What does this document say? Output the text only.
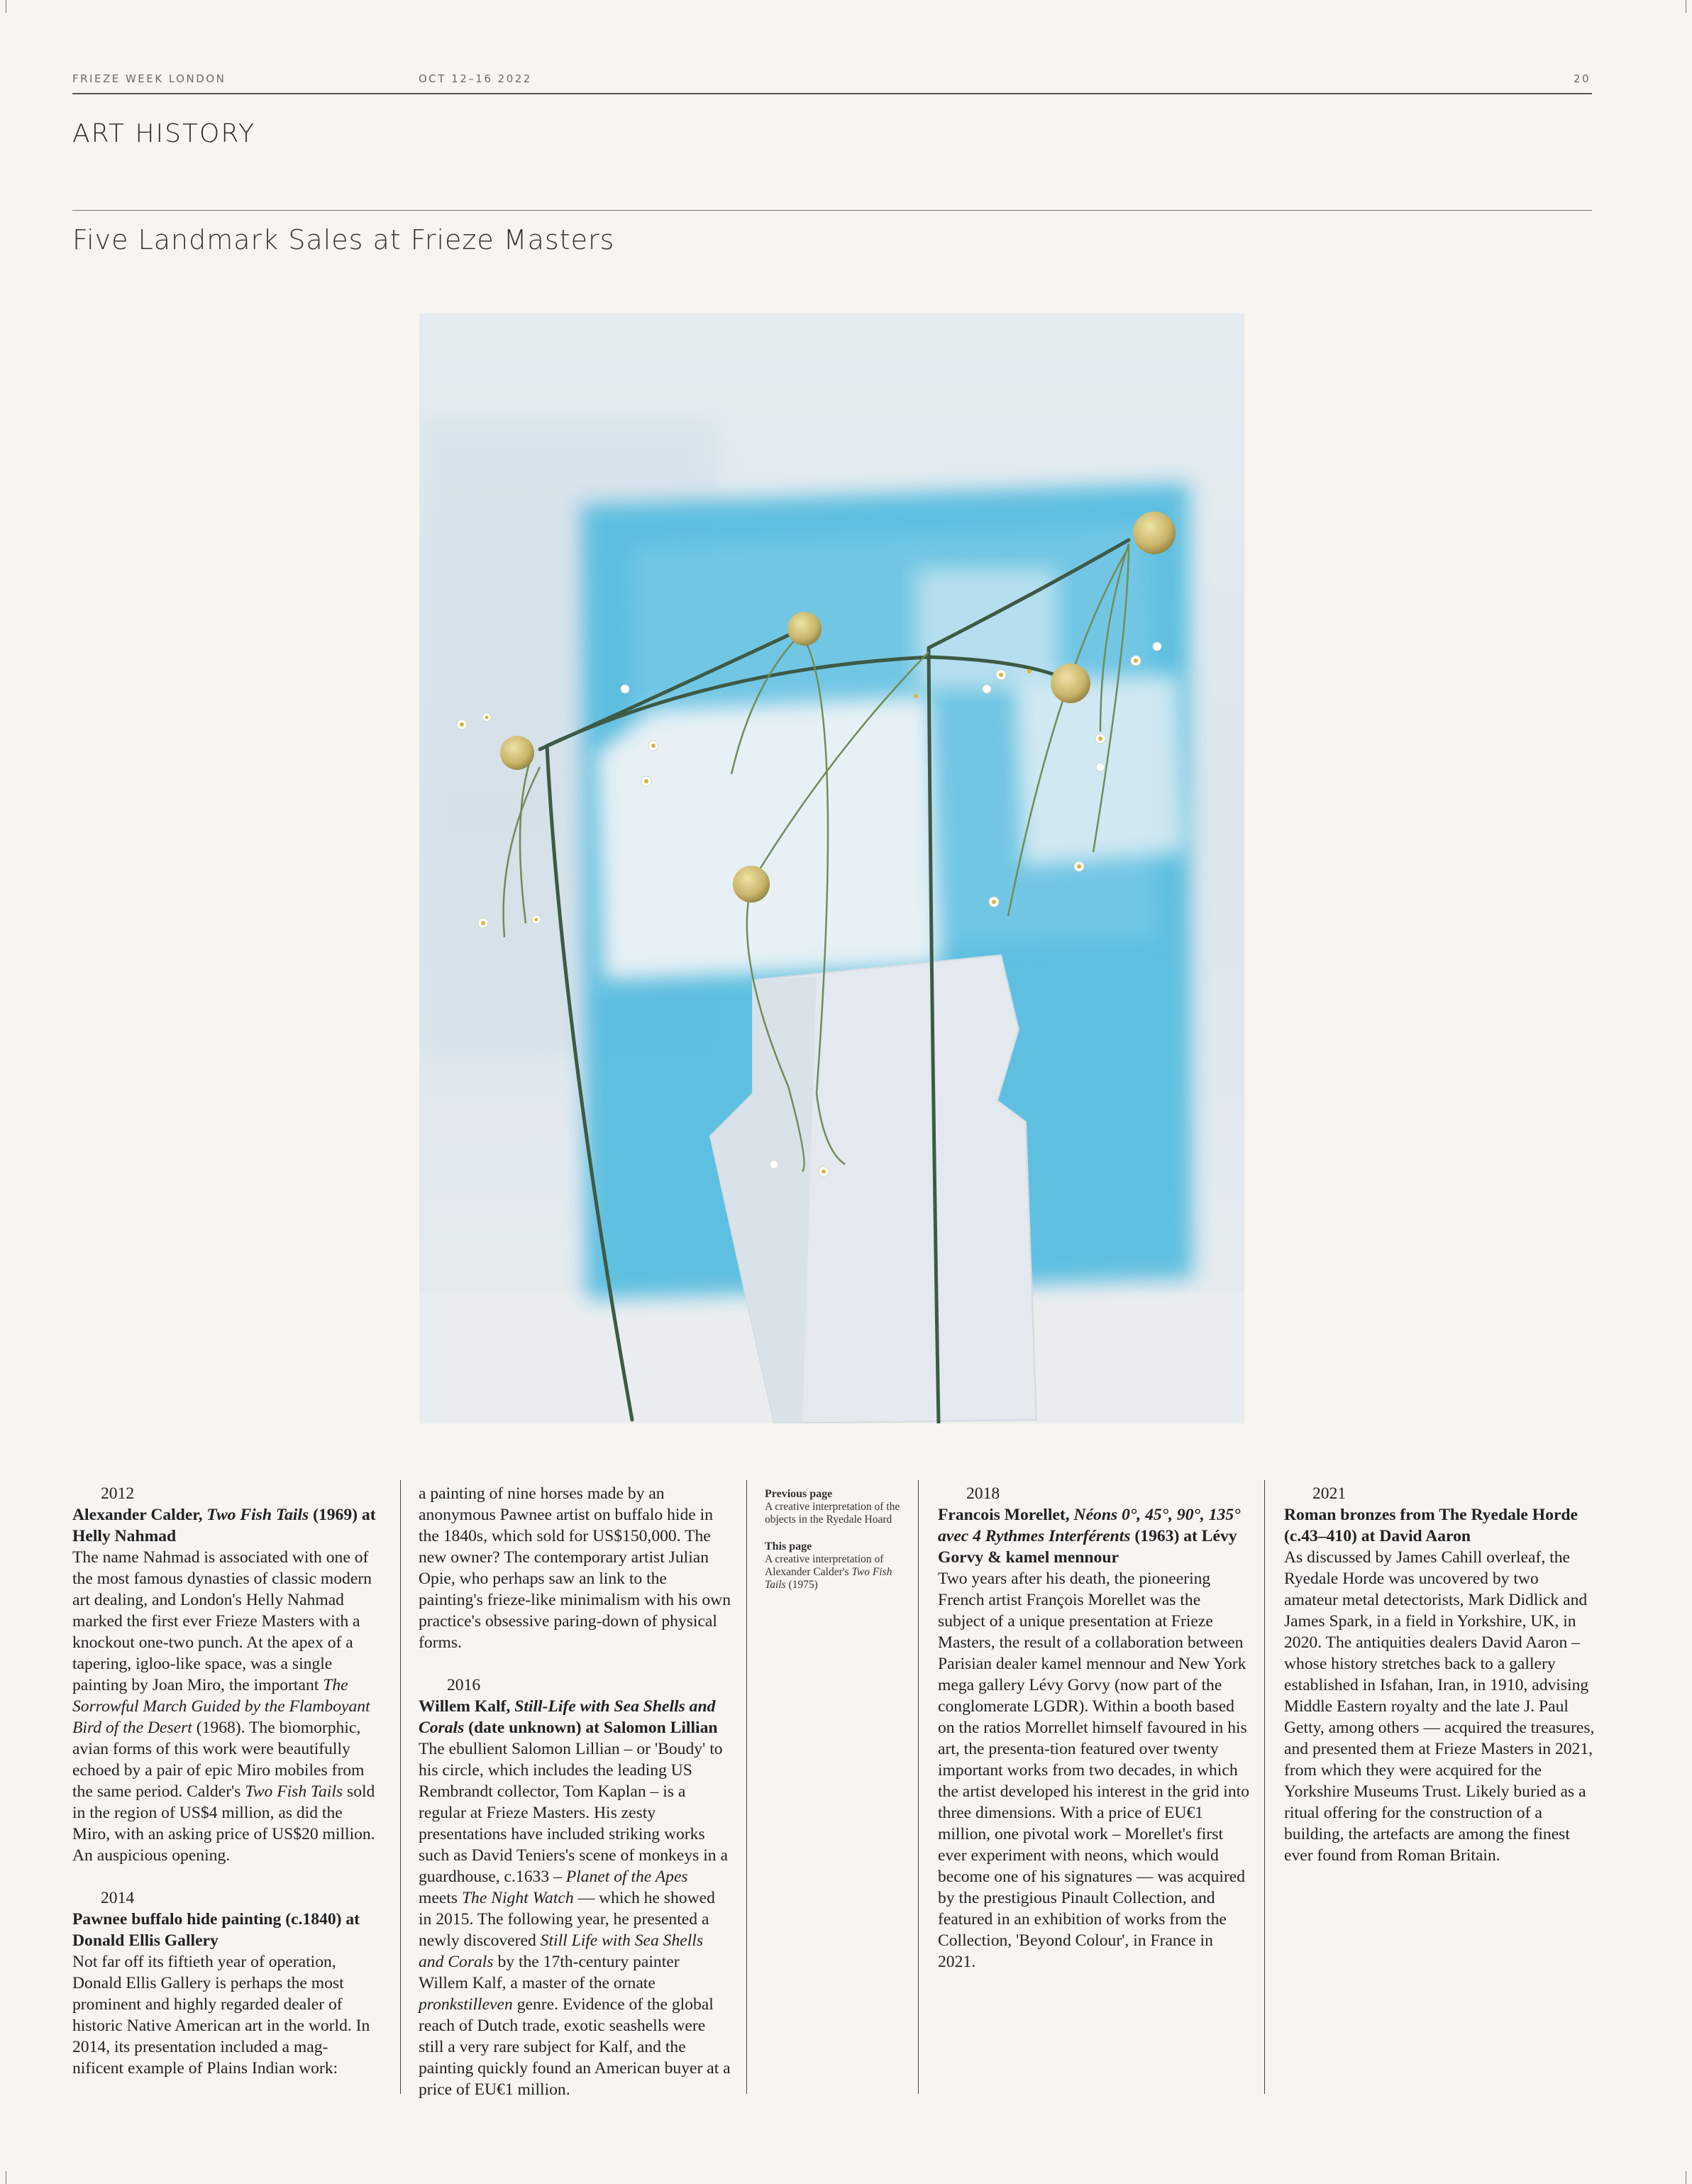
FRIEZE WEEK LONDON	OCT 12–16 2022	20
ART HISTORY
Five Landmark Sales at Frieze Masters
2012
Alexander Calder, Two Fish Tails (1969) at Helly Nahmad

The name Nahmad is associated with one of the most famous dynasties of classic modern art dealing, and London's Helly Nahmad marked the first ever Frieze Masters with a knockout one-two punch. At the apex of a tapering, igloo-like space, was a single painting by Joan Miro, the important The Sorrowful March Guided by the Flamboyant Bird of the Desert (1968). The biomorphic, avian forms of this work were beautifully echoed by a pair of epic Miro mobiles from the same period. Calder's Two Fish Tails sold in the region of US$4 million, as did the Miro, with an asking price of US$20 million. An auspicious opening.

2014
Pawnee buffalo hide painting (c.1840) at Donald Ellis Gallery

Not far off its fiftieth year of operation, Donald Ellis Gallery is perhaps the most prominent and highly regarded dealer of historic Native American art in the world. In 2014, its presentation included a mag-nificent example of Plains Indian work:

a painting of nine horses made by an anonymous Pawnee artist on buffalo hide in the 1840s, which sold for US$150,000. The new owner? The contemporary artist Julian Opie, who perhaps saw an link to the painting's frieze-like minimalism with his own practice's obsessive paring-down of physical forms.

2016
Willem Kalf, Still-Life with Sea Shells and Corals (date unknown) at Salomon Lillian

The ebullient Salomon Lillian – or 'Boudy' to his circle, which includes the leading US Rembrandt collector, Tom Kaplan – is a regular at Frieze Masters. His zesty presentations have included striking works such as David Teniers's scene of monkeys in a guardhouse, c.1633 – Planet of the Apes meets The Night Watch — which he showed in 2015. The following year, he presented a newly discovered Still Life with Sea Shells and Corals by the 17th-century painter Willem Kalf, a master of the ornate pronkstilleven genre. Evidence of the global reach of Dutch trade, exotic seashells were still a very rare subject for Kalf, and the painting quickly found an American buyer at a price of EU€1 million.

Previous page
A creative interpretation of the objects in the Ryedale Hoard
This page
A creative interpretation of Alexander Calder's Two Fish Tails (1975)
2018
Francois Morellet, Néons 0°, 45°, 90°, 135° avec 4 Rythmes Interférents (1963) at Lévy Gorvy & kamel mennour

Two years after his death, the pioneering French artist François Morellet was the subject of a unique presentation at Frieze Masters, the result of a collaboration between Parisian dealer kamel mennour and New York mega gallery Lévy Gorvy (now part of the conglomerate LGDR). Within a booth based on the ratios Morrellet himself favoured in his art, the presenta-tion featured over twenty important works from two decades, in which the artist developed his interest in the grid into three dimensions. With a price of EU€1 million, one pivotal work – Morellet's first ever experiment with neons, which would become one of his signatures — was acquired by the prestigious Pinault Collection, and featured in an exhibition of works from the Collection, 'Beyond Colour', in France in 2021.

2021
Roman bronzes from The Ryedale Horde (c.43–410) at David Aaron

As discussed by James Cahill overleaf, the Ryedale Horde was uncovered by two amateur metal detectorists, Mark Didlick and James Spark, in a field in Yorkshire, UK, in 2020. The antiquities dealers David Aaron – whose history stretches back to a gallery established in Isfahan, Iran, in 1910, advising Middle Eastern royalty and the late J. Paul Getty, among others — acquired the treasures, and presented them at Frieze Masters in 2021, from which they were acquired for the Yorkshire Museums Trust. Likely buried as a ritual offering for the construction of a building, the artefacts are among the finest ever found from Roman Britain.
